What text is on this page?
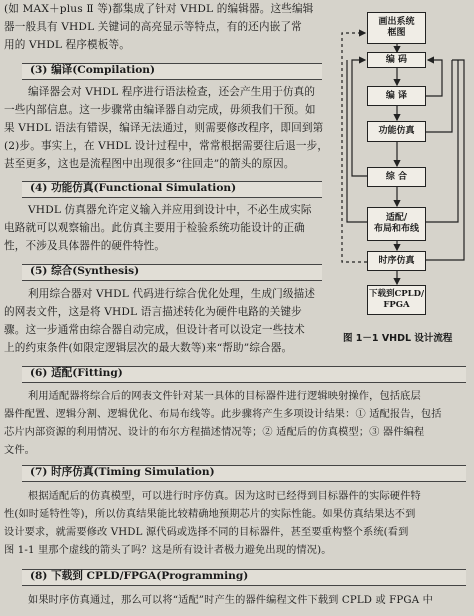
(如 MAX＋plus Ⅱ 等)都集成了针对 VHDL 的编辑器。这些编辑
器一般具有 VHDL 关键词的高亮显示等特点，有的还内嵌了常
用的 VHDL 程序模板等。
(3) 编译(Compilation)
编译器会对 VHDL 程序进行语法检查，还会产生用于仿真的
一些内部信息。这一步骤常由编译器自动完成，毋须我们干预。如
果 VHDL 语法有错误，编译无法通过，则需要修改程序，即回到第
(2)步。事实上，在 VHDL 设计过程中，常常根据需要往后退一步，
甚至更多，这也是流程图中出现很多“往回走”的箭头的原因。
(4) 功能仿真(Functional Simulation)
VHDL 仿真器允许定义输入并应用到设计中，不必生成实际
电路就可以观察输出。此仿真主要用于检验系统功能设计的正确
性，不涉及具体器件的硬件特性。
(5) 综合(Synthesis)
利用综合器对 VHDL 代码进行综合优化处理，生成门级描述
的网表文件，这是将 VHDL 语言描述转化为硬件电路的关键步
骤。这一步通常由综合器自动完成，但设计者可以设定一些技术
上的约束条件(如限定逻辑层次的最大数等)来“帮助”综合器。
(6) 适配(Fitting)
利用适配器将综合后的网表文件针对某一具体的目标器件进行逻辑映射操作，包括底层
器件配置、逻辑分割、逻辑优化、布局布线等。此步骤将产生多项设计结果：① 适配报告，包括
芯片内部资源的利用情况、设计的布尔方程描述情况等；② 适配后的仿真模型；③ 器件编程
文件。
(7) 时序仿真(Timing Simulation)
根据适配后的仿真模型，可以进行时序仿真。因为这时已经得到目标器件的实际硬件特
性(如时延特性等)，所以仿真结果能比较精确地预期芯片的实际性能。如果仿真结果达不到
设计要求，就需要修改 VHDL 源代码或选择不同的目标器件，甚至要重构整个系统(看到
图 1-1 里那个虚线的箭头了吗？这是所有设计者极力避免出现的情况)。
(8) 下载到 CPLD/FPGA(Programming)
如果时序仿真通过，那么可以将“适配”时产生的器件编程文件下载到 CPLD 或 FPGA 中
画出系统
框图
编 码
编 译
功能仿真
综 合
适配/
布局和布线
时序仿真
下载到CPLD/
FPGA
图 1－1 VHDL 设计流程
